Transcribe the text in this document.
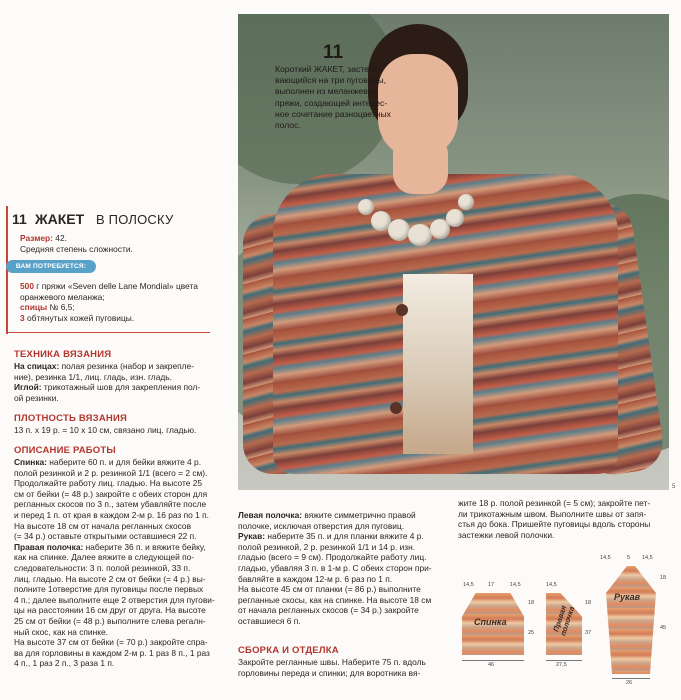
11
Короткий ЖАКЕТ, застеги-
вающийся на три пуговицы,
выполнен из меланжевой
пряжи, создающей интерес-
ное сочетание разноцветных
полос.
11 ЖАКЕТ В ПОЛОСКУ
Размер: 42.
Средняя степень сложности.
ВАМ ПОТРЕБУЕТСЯ:
500 г пряжи «Seven delle Lane Mondial» цвета
оранжевого меланжа;
спицы № 6,5;
3 обтянутых кожей пуговицы.
ТЕХНИКА ВЯЗАНИЯ
На спицах: полая резинка (набор и закрепле-
ние), резинка 1/1, лиц. гладь, изн. гладь.
Иглой: трикотажный шов для закрепления пол-
ой резинки.
ПЛОТНОСТЬ ВЯЗАНИЯ
13 п. х 19 р. = 10 х 10 см, связано лиц. гладью.
ОПИСАНИЕ РАБОТЫ
Спинка: наберите 60 п. и для бейки вяжите 4 р.
полой резинкой и 2 р. резинкой 1/1 (всего = 2 см).
Продолжайте работу лиц. гладью. На высоте 25
см от бейки (= 48 р.) закройте с обеих сторон для
регланных скосов по 3 п., затем убавляйте после
и перед 1 п. от края в каждом 2-м р. 16 раз по 1 п.
На высоте 18 см от начала регланных скосов
(= 34 р.) оставьте открытыми оставшиеся 22 п.
Правая полочка: наберите 36 п. и вяжите бейку,
как на спинке. Далее вяжите в следующей по-
следовательности: 3 п. полой резинкой, 33 п.
лиц. гладью. На высоте 2 см от бейки (= 4 р.) вы-
полните 1отверстие для пуговицы после первых
4 п.; далее выполните еще 2 отверстия для пугови-
цы на расстоянии 16 см друг от друга. На высоте
25 см от бейки (= 48 р.) выполните слева регалн-
ный скос, как на спинке.
На высоте 37 см от бейки (= 70 р.) закройте спра-
ва для горловины в каждом 2-м р. 1 раз 8 п., 1 раз
4 п., 1 раз 2 п., 3 раза 1 п.
Левая полочка: вяжите симметрично правой
полочке, исключая отверстия для пуговиц.
Рукав: наберите 35 п. и для планки вяжите 4 р.
полой резинкой, 2 р. резинкой 1/1 и 14 р. изн.
гладью (всего = 9 см). Продолжайте работу лиц.
гладью, убавляя 3 п. в 1-м р. С обеих сторон при-
бавляйте в каждом 12-м р. 6 раз по 1 п.
На высоте 45 см от планки (= 86 р.) выполните
регланные скосы, как на спинке. На высоте 18 см
от начала регланных скосов (= 34 р.) закройте
оставшиеся 6 п.
СБОРКА И ОТДЕЛКА
Закройте регланные швы. Наберите 75 п. вдоль
горловины переда и спинки; для воротника вя-
жите 18 р. полой резинкой (= 5 см); закройте пет-
ли трикотажным швом. Выполните швы от запя-
стья до бока. Пришейте пуговицы вдоль стороны
застежки левой полочки.
5
Спинка
14,5	17	14,5
18
25
46
Правая полочка
14,5
18
37
27,5
Рукав
14,5	5 14,5
18
45
26
